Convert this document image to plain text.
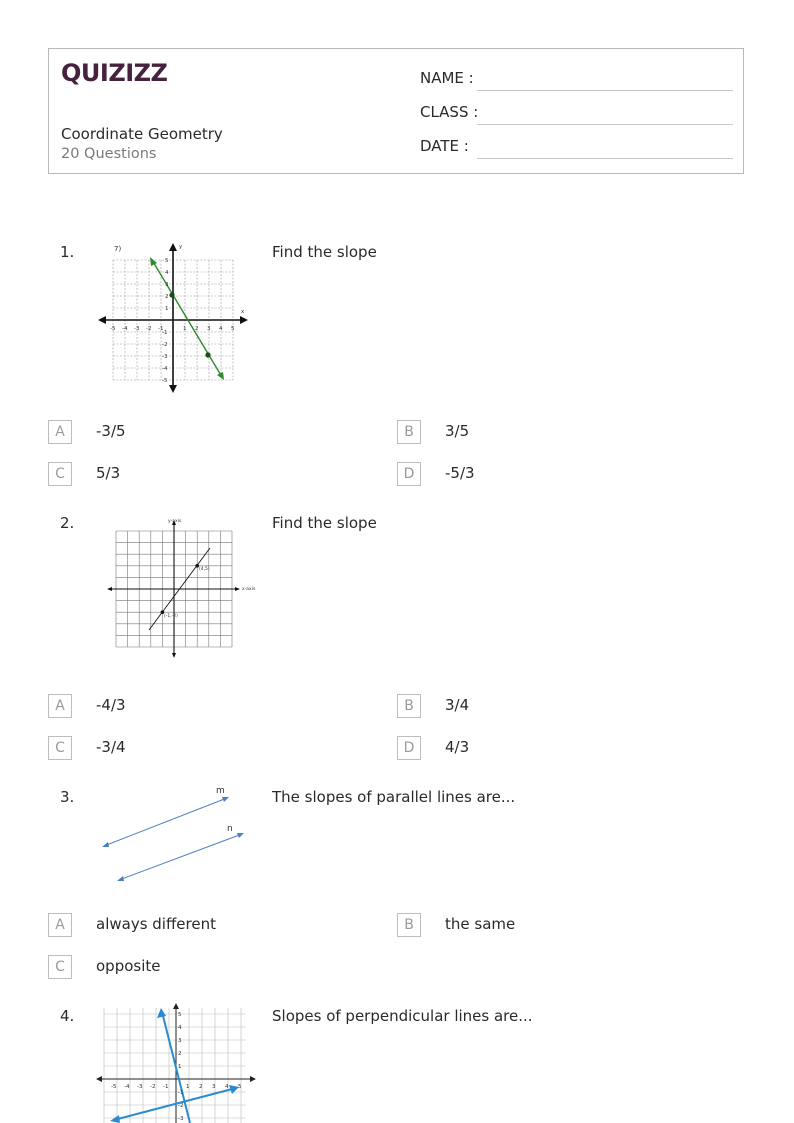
QUIZIZZ
Coordinate Geometry
20 Questions
NAME :
CLASS :
DATE :
1.	Find the slope
7)	y
x
-5 -4 -3 -2 -1	1 2 3 4 5
5
4
3
2
1
-1
-2
-3
-4
-5
A	-3/5	B	3/5
C	5/3	D	-5/3
2.	Find the slope
y-axis
x-axis
(4,5)
(-1,-2)
A	-4/3	B	3/4
C	-3/4	D	4/3
3.	The slopes of parallel lines are...
m
n
A	always different	B	the same
C	opposite
4.	Slopes of perpendicular lines are...
-5 -4 -3 -2 -1	1 2 3 4 5
5
4
3
2
1
-1
-2
-3
